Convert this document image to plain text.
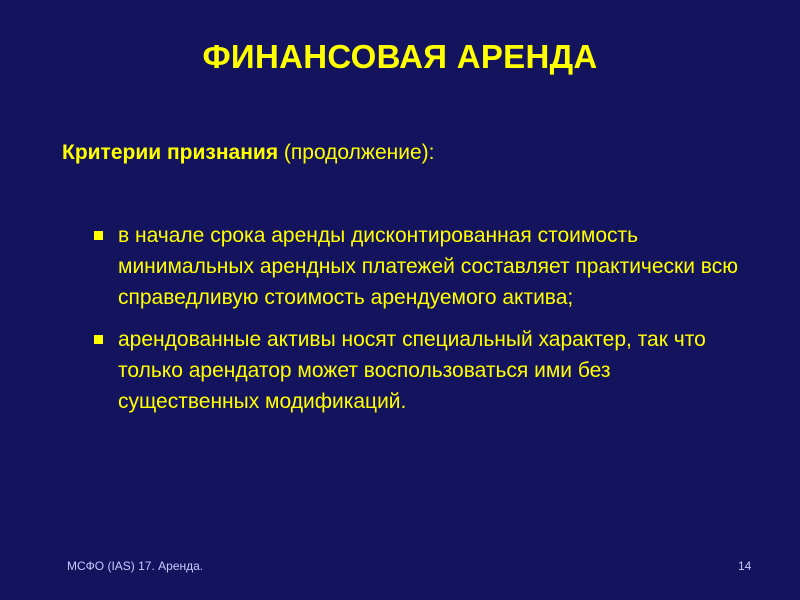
ФИНАНСОВАЯ АРЕНДА
Критерии признания (продолжение):
в начале срока аренды дисконтированная стоимость минимальных арендных платежей составляет практически всю справедливую стоимость арендуемого актива;
арендованные активы носят специальный характер, так что только арендатор может воспользоваться ими без существенных модификаций.
МСФО (IAS) 17. Аренда.	14
